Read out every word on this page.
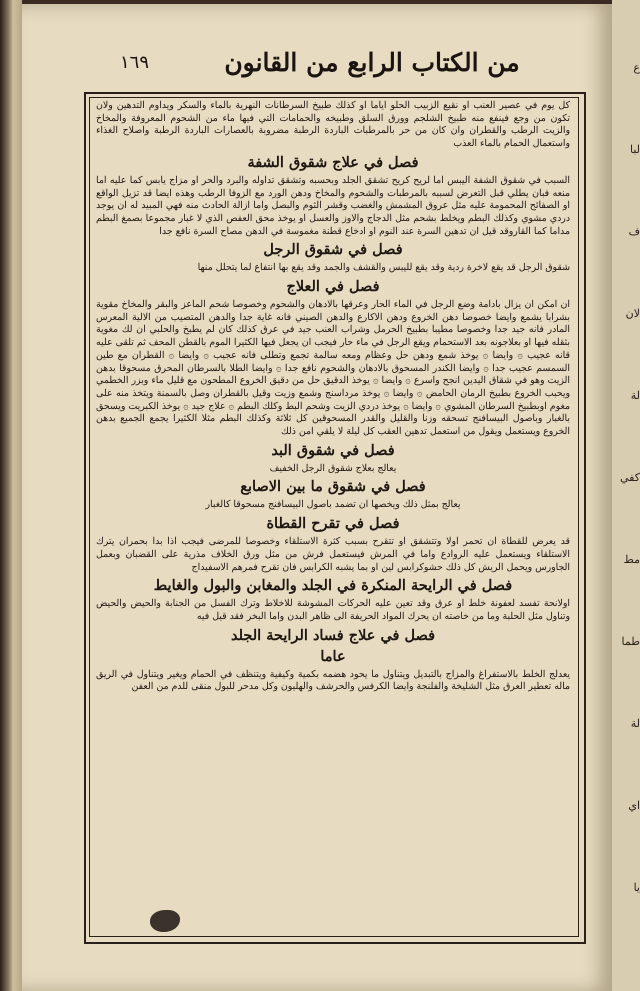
١٦٩	من الكتاب الرابع من القانون

كل يوم في عصير العنب او نقيع الزبيب الحلو اياما او كذلك طبيخ السرطانات النهرية بالماء والسكر ويداوم التدهين ولان تكون من وجع فينفع منه طبيخ الشلجم وورق السلق وطبيخه والحمامات التي فيها ماء من الشحوم المعروفة والمخاخ والزيت الرطب والقطران وان كان من حر بالمرطبات الباردة الرطبة مضروبة بالعصارات الباردة الرطبة واصلاح الغذاء واستعمال الحمام بالماء العذب

فصل في علاج شقوق الشفة

السبب في شقوق الشفة اليبس اما لريح كريح تشقق الجلد وبحسبه وتشقق تداوله والبرد والحر او مزاج يابس كما عليه اما منعه فبان يطلي قبل التعرض لسببه بالمرطبات والشحوم والمخاخ ودهن الورد مع الزوفا الرطب وهذه ايضا قد تزيل الواقع او الصفائح المحمومة عليه مثل عروق المشمش والغضب وقشر الثوم والبصل واما ازالة الحادث منه فهي المبيد له ان يوجد دردي مشوي وكذلك البطم ويخلط بشحم مثل الدجاج والاوز والعسل او يوخذ محق العفص الذي لا غبار مجموعا بصمغ البطم مداما كما القاروقد قيل ان تدهين السرة عند النوم او ادخاع قطنة مغموسة في الدهن مصاح السرة نافع جدا

فصل في شقوق الرجل

شقوق الرجل قد يقع لاخرة ردية وقد يقع لليبس والقشف والجمد وقد يقع بها انتفاع لما يتحلل منها

فصل في العلاج

ان امكن ان يزال بادامة وضع الرجل في الماء الحار وعرقها بالادهان والشحوم وخصوصا شحم الماعز والبقر والمخاخ مقوية بشرابا يشمع وايضا خصوصا دهن الخروع ودهن الاكارع والدهن الصيني فانه غاية جدا والدهن المتصيب من الالية المعرس المادر فانه جيد جدا وخصوصا مطيبا بطبيخ الحرمل وشراب العنب جيد في عرق كذلك كان لم يطبخ والحلبي ان لك مغوية بثقله فيها او بعلاجونه بعد الاستحمام ويقع الرجل في ماء حار فيجب ان يجعل فيها الكثيرا الموم بالقطن المحف ثم تلقى عليه قانه عجيب ۞ وايضا ۞ يوخذ شمع ودهن حل وعظام ومعه سالمة تجمع وتطلى فانه عجيب ۞ وايضا ۞ القطران مع طين السمسم عجيب جدا ۞ وايضا الكندر المسحوق بالادهان والشحوم نافع جدا ۞ وايضا الطلا بالسرطان المحرق مسحوقا بدهن الزيت وهو في شقاق اليدين انجح واسرع ۞ وايضا ۞ يوخذ الدقيق حل من دقيق الخروع المطحون مع قليل ماء وبزر الخطمي ويحبب الخروع بطبيخ الرمان الحامض ۞ وايضا ۞ يوخذ مرداسنج وشمع وزيت وقيل بالقطران وصل بالسمنة ويتخذ منه على مغوم اوبطبيخ السرطان المشوي ۞ وايضا ۞ يوخذ دردي الزيت وشحم البط وكلك البطم ۞ علاج جيد ۞ يوخذ الكبريت ويسحق بالغبار وباصول البيسافنج تسحقه وزنا والقليل والقدر المسحوقين كل ثلاثة وكذلك البطم مثلا الكثيرا يجمع الجميع بدهن الخروع ويستعمل ويقول من استعمل تدهين العقب كل ليلة لا يلقي امن ذلك

فصل في شقوق البد

يعالج بعلاج شقوق الرجل الخفيف

فصل في شقوق ما بين الاصابع

يعالج بمثل ذلك ويخصها ان تضمد باصول البيسافنج مسحوقا كالغبار

فصل في تقرح القطاة

قد يعرض للقطاة ان تحمر اولا وتتشقق او تتقرح بسبب كثرة الاستلقاء وخصوصا للمرضى فيجب اذا بدا بحمران يترك الاستلقاء ويستعمل عليه الروادع واما في المرش فيستعمل فرش من مثل ورق الخلاف مذرية على القضبان وبعمل الجاورس ويحمل الريش كل ذلك حشوكرابس لين او بما يشبه الكرابس فان تقرح فمرهم الاسفيداج

فصل في الرايحة المنكرة في الجلد والمغابن والبول والغايط

اولانحة تفسد لعفونة خلط او عرق وقد تعين عليه الحركات المشوشة للاخلاط وترك الفسل من الجنابة والحيض والحيض وتناول مثل الحلبة وما من خاصته ان يحرك المواد الحريفة الى ظاهر البدن واما البخر فقد قيل فيه

فصل في علاج فساد الرايحة الجلد
عاما

يعدلج الخلط بالاستفراغ والمزاج بالتبديل ويتناول ما يحود هضمه بكمية وكيفية ويتنظف في الحمام ويغير ويتناول في الريق ماله تعطير العرق مثل الشليخة والفلنجة وايضا الكرفس والحرشف والهليون وكل مدحر للبول منقى للدم من العفن

ع
لبا
ف
لان
لة
كفي
مط
طما
لة
اي
يا
